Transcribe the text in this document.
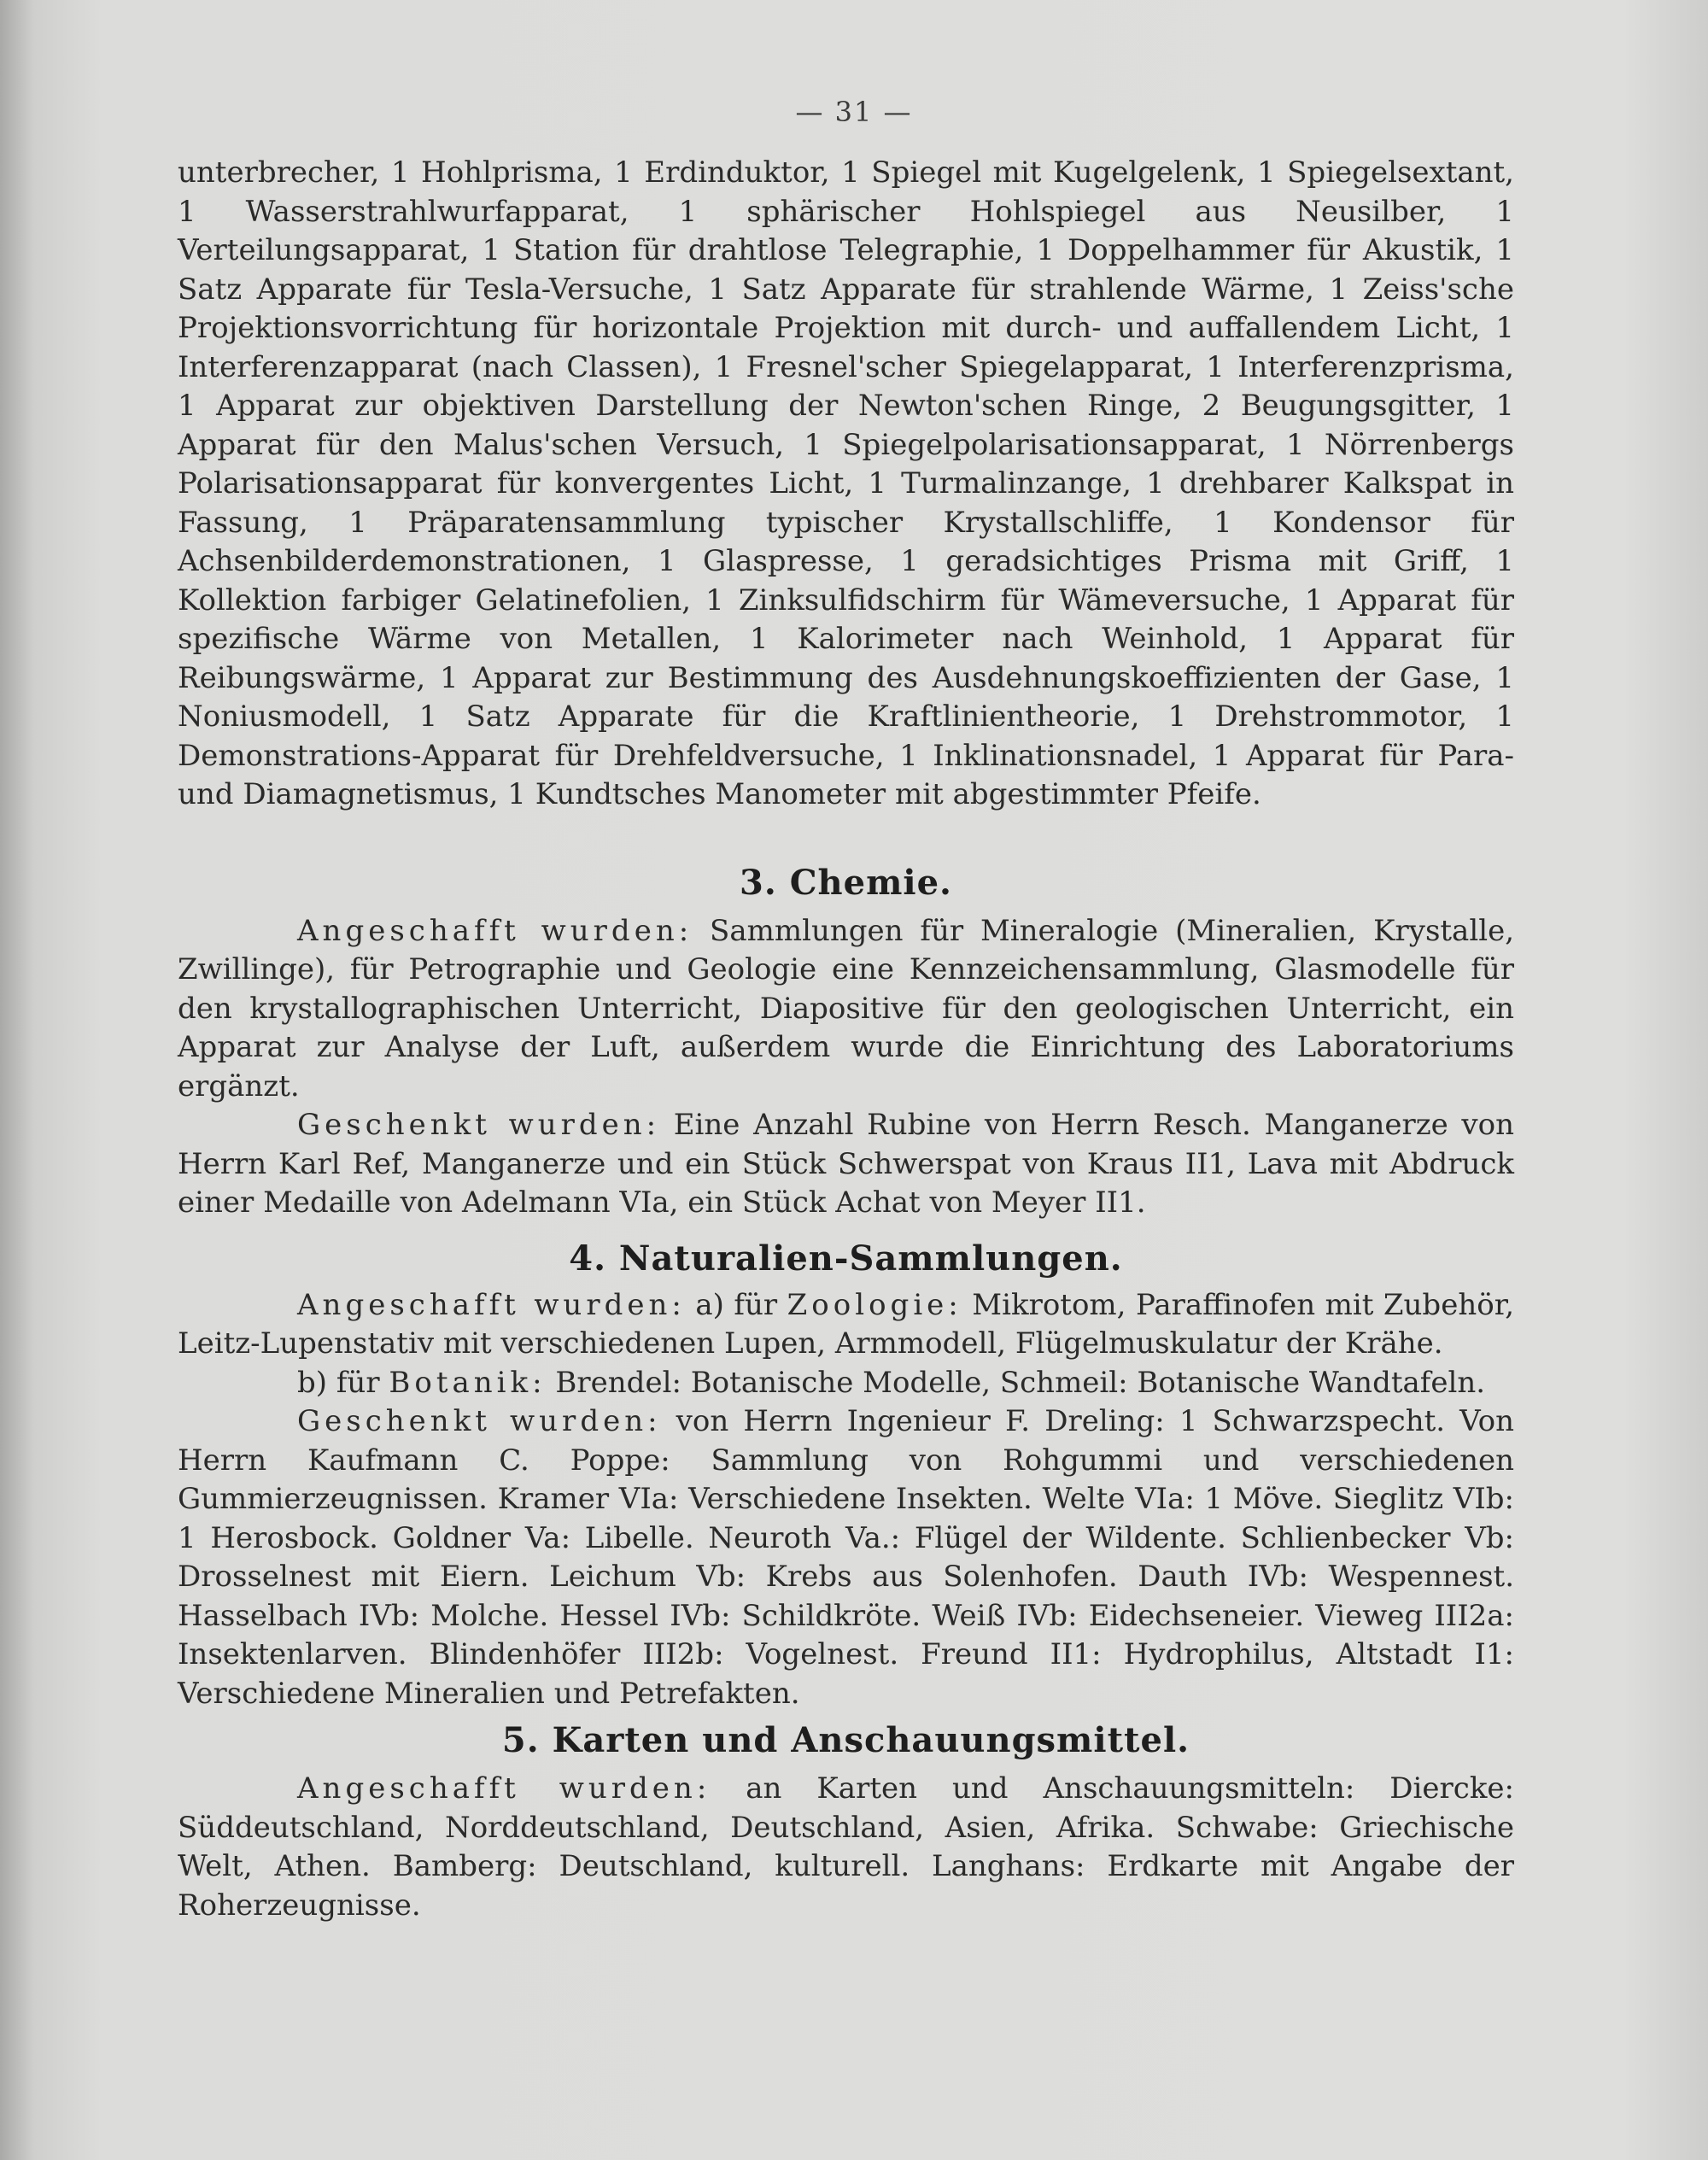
— 31 —

unterbrecher, 1 Hohlprisma, 1 Erdinduktor, 1 Spiegel mit Kugelgelenk, 1 Spiegelsextant, 1 Wasserstrahlwurfapparat, 1 sphärischer Hohlspiegel aus Neusilber, 1 Verteilungsapparat, 1 Station für drahtlose Telegraphie, 1 Doppelhammer für Akustik, 1 Satz Apparate für Tesla-Versuche, 1 Satz Apparate für strahlende Wärme, 1 Zeiss'sche Projektionsvorrichtung für horizontale Projektion mit durch- und auffallendem Licht, 1 Interferenzapparat (nach Classen), 1 Fresnel'scher Spiegelapparat, 1 Interferenzprisma, 1 Apparat zur objektiven Darstellung der Newton'schen Ringe, 2 Beugungsgitter, 1 Apparat für den Malus'schen Versuch, 1 Spiegelpolarisationsapparat, 1 Nörrenbergs Polarisationsapparat für konvergentes Licht, 1 Turmalinzange, 1 drehbarer Kalkspat in Fassung, 1 Präparatensammlung typischer Krystallschliffe, 1 Kondensor für Achsenbilderdemonstrationen, 1 Glaspresse, 1 geradsichtiges Prisma mit Griff, 1 Kollektion farbiger Gelatinefolien, 1 Zinksulfidschirm für Wämeversuche, 1 Apparat für spezifische Wärme von Metallen, 1 Kalorimeter nach Weinhold, 1 Apparat für Reibungswärme, 1 Apparat zur Bestimmung des Ausdehnungskoeffizienten der Gase, 1 Noniusmodell, 1 Satz Apparate für die Kraftlinientheorie, 1 Drehstrommotor, 1 Demonstrations-Apparat für Drehfeldversuche, 1 Inklinationsnadel, 1 Apparat für Para- und Diamagnetismus, 1 Kundtsches Manometer mit abgestimmter Pfeife.

3. Chemie.

Angeschafft wurden: Sammlungen für Mineralogie (Mineralien, Krystalle, Zwillinge), für Petrographie und Geologie eine Kennzeichensammlung, Glasmodelle für den krystallographischen Unterricht, Diapositive für den geologischen Unterricht, ein Apparat zur Analyse der Luft, außerdem wurde die Einrichtung des Laboratoriums ergänzt.

Geschenkt wurden: Eine Anzahl Rubine von Herrn Resch. Manganerze von Herrn Karl Ref, Manganerze und ein Stück Schwerspat von Kraus II1, Lava mit Abdruck einer Medaille von Adelmann VIa, ein Stück Achat von Meyer II1.

4. Naturalien-Sammlungen.

Angeschafft wurden: a) für Zoologie: Mikrotom, Paraffinofen mit Zubehör, Leitz-Lupenstativ mit verschiedenen Lupen, Armmodell, Flügelmuskulatur der Krähe.

b) für Botanik: Brendel: Botanische Modelle, Schmeil: Botanische Wandtafeln.

Geschenkt wurden: von Herrn Ingenieur F. Dreling: 1 Schwarzspecht. Von Herrn Kaufmann C. Poppe: Sammlung von Rohgummi und verschiedenen Gummierzeugnissen. Kramer VIa: Verschiedene Insekten. Welte VIa: 1 Möve. Sieglitz VIb: 1 Herosbock. Goldner Va: Libelle. Neuroth Va.: Flügel der Wildente. Schlienbecker Vb: Drosselnest mit Eiern. Leichum Vb: Krebs aus Solenhofen. Dauth IVb: Wespennest. Hasselbach IVb: Molche. Hessel IVb: Schildkröte. Weiß IVb: Eidechseneier. Vieweg III2a: Insektenlarven. Blindenhöfer III2b: Vogelnest. Freund II1: Hydrophilus, Altstadt I1: Verschiedene Mineralien und Petrefakten.

5. Karten und Anschauungsmittel.

Angeschafft wurden: an Karten und Anschauungsmitteln: Diercke: Süddeutschland, Norddeutschland, Deutschland, Asien, Afrika. Schwabe: Griechische Welt, Athen. Bamberg: Deutschland, kulturell. Langhans: Erdkarte mit Angabe der Roherzeugnisse.
